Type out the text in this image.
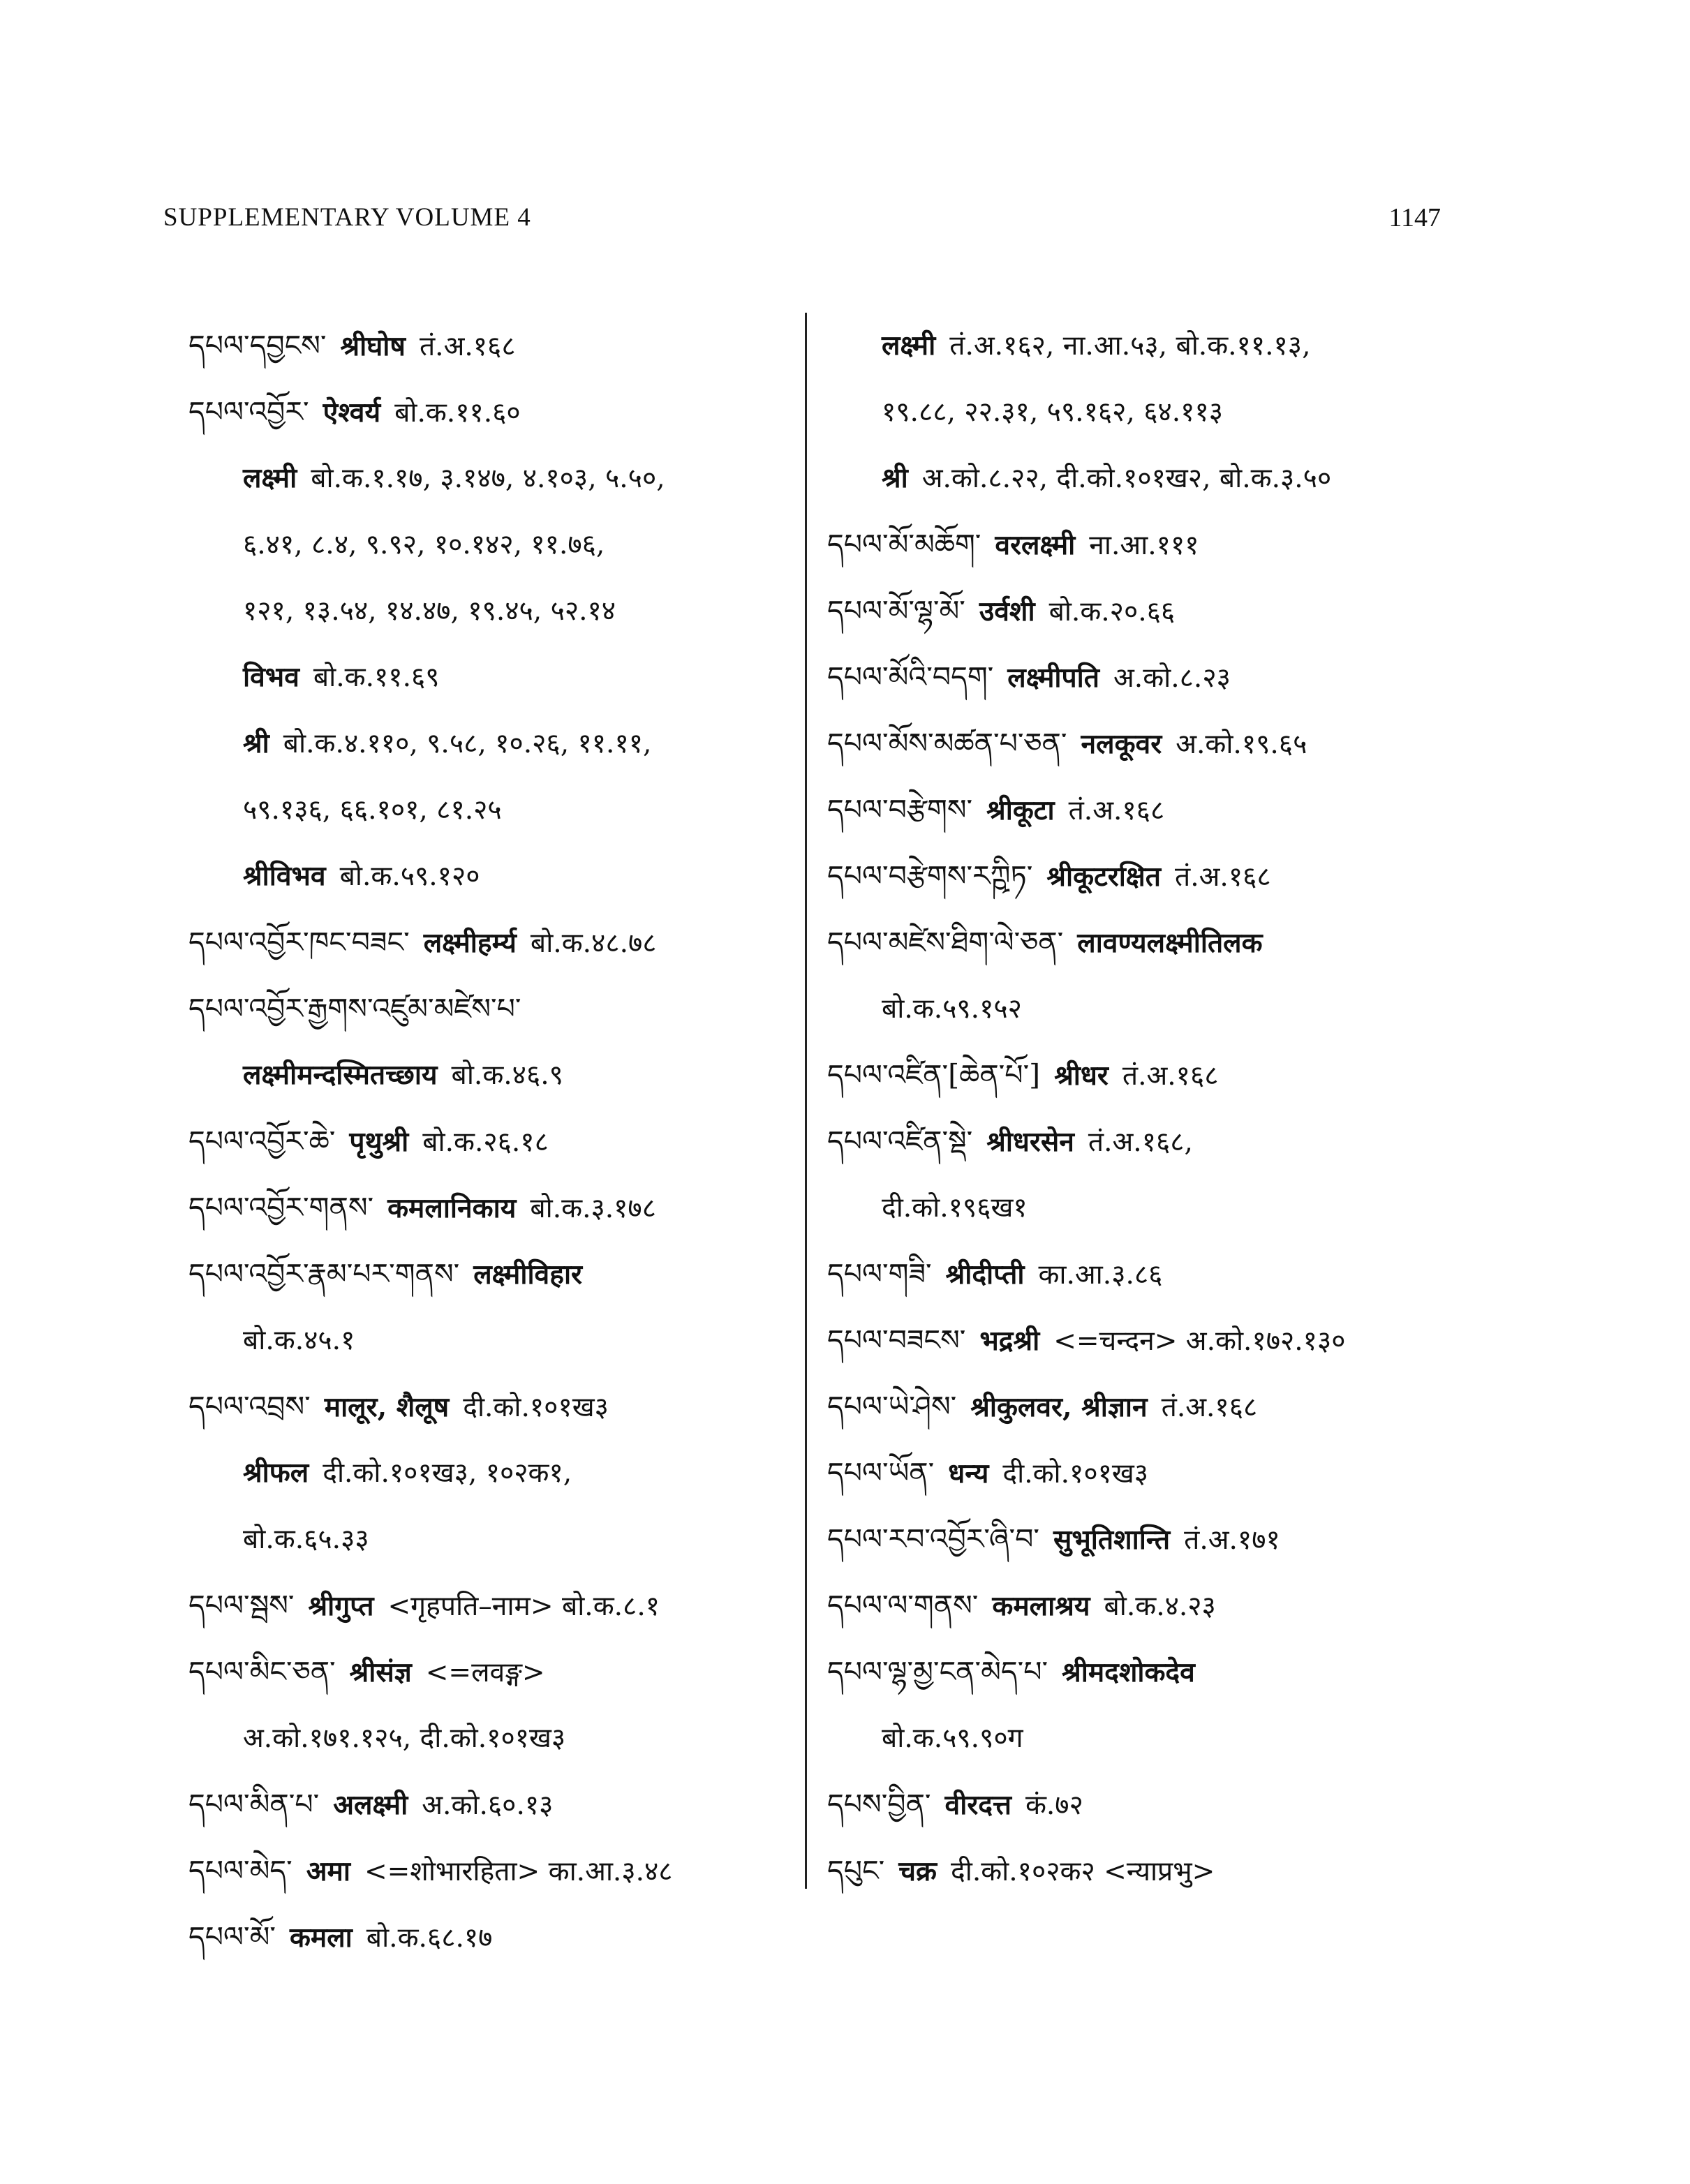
SUPPLEMENTARY VOLUME 4	1147
དཔལ་དབྱངས་ श्रीघोष तं.अ.१६८
དཔལ་འབྱོར་ ऐश्वर्य बो.क.११.६०
लक्ष्मी बो.क.१.१७, ३.१४७, ४.१०३, ५.५०,
६.४१, ८.४, ९.९२, १०.१४२, ११.७६,
१२१, १३.५४, १४.४७, १९.४५, ५२.१४
विभव बो.क.११.६९
श्री बो.क.४.११०, ९.५८, १०.२६, ११.११,
५९.१३६, ६६.१०१, ८१.२५
श्रीविभव बो.क.५९.१२०
དཔལ་འབྱོར་ཁང་བཟང་ लक्ष्मीहर्म्य बो.क.४८.७८
དཔལ་འབྱོར་རྒྱགས་འཛུམ་མཛེས་པ་
लक्ष्मीमन्दस्मितच्छाय बो.क.४६.९
དཔལ་འབྱོར་ཆེ་ पृथुश्री बो.क.२६.१८
དཔལ་འབྱོར་གནས་ कमलानिकाय बो.क.३.१७८
དཔལ་འབྱོར་རྣམ་པར་གནས་ लक्ष्मीविहार
बो.क.४५.१
དཔལ་འབྲས་ मालूर, शैलूष दी.को.१०१ख३
श्रीफल दी.को.१०१ख३, १०२क१,
बो.क.६५.३३
དཔལ་སྦས་ श्रीगुप्त <गृहपति–नाम> बो.क.८.१
དཔལ་མིང་ཅན་ श्रीसंज्ञ <=लवङ्ग>
अ.को.१७१.१२५, दी.को.१०१ख३
དཔལ་མིན་པ་ अलक्ष्मी अ.को.६०.१३
དཔལ་མེད་ अमा <=शोभारहिता> का.आ.३.४८
དཔལ་མོ་ कमला बो.क.६८.१७
लक्ष्मी तं.अ.१६२, ना.आ.५३, बो.क.११.१३,
१९.८८, २२.३१, ५९.१६२, ६४.११३
श्री अ.को.८.२२, दी.को.१०१ख२, बो.क.३.५०
དཔལ་མོ་མཆོག་ वरलक्ष्मी ना.आ.१११
དཔལ་མོ་ལྷ་མོ་ उर्वशी बो.क.२०.६६
དཔལ་མོའི་བདག་ लक्ष्मीपति अ.को.८.२३
དཔལ་མོས་མཚན་པ་ཅན་ नलकूवर अ.को.१९.६५
དཔལ་བརྩེགས་ श्रीकूटा तं.अ.१६८
དཔལ་བརྩེགས་རཀྵིཏ་ श्रीकूटरक्षित तं.अ.१६८
དཔལ་མཛེས་ཐིག་ལེ་ཅན་ लावण्यलक्ष्मीतिलक
बो.क.५९.१५२
དཔལ་འཛིན་[ཆེན་པོ་] श्रीधर तं.अ.१६८
དཔལ་འཛིན་སྡེ་ श्रीधरसेन तं.अ.१६८,
दी.को.१९६ख१
དཔལ་གཟི་ श्रीदीप्ती का.आ.३.८६
དཔལ་བཟངས་ भद्रश्री <=चन्दन> अ.को.१७२.१३०
དཔལ་ཡེ་ཤེས་ श्रीकुलवर, श्रीज्ञान तं.अ.१६८
དཔལ་ཡོན་ धन्य दी.को.१०१ख३
དཔལ་རབ་འབྱོར་ཞི་བ་ सुभूतिशान्ति तं.अ.१७१
དཔལ་ལ་གནས་ कमलाश्रय बो.क.४.२३
དཔལ་ལྷ་མྱ་ངན་མེད་པ་ श्रीमदशोकदेव
बो.क.५९.९०ग
དཔས་བྱིན་ वीरदत्त कं.७२
དཔུང་ चक्र दी.को.१०२क२ <न्याप्रभु>
